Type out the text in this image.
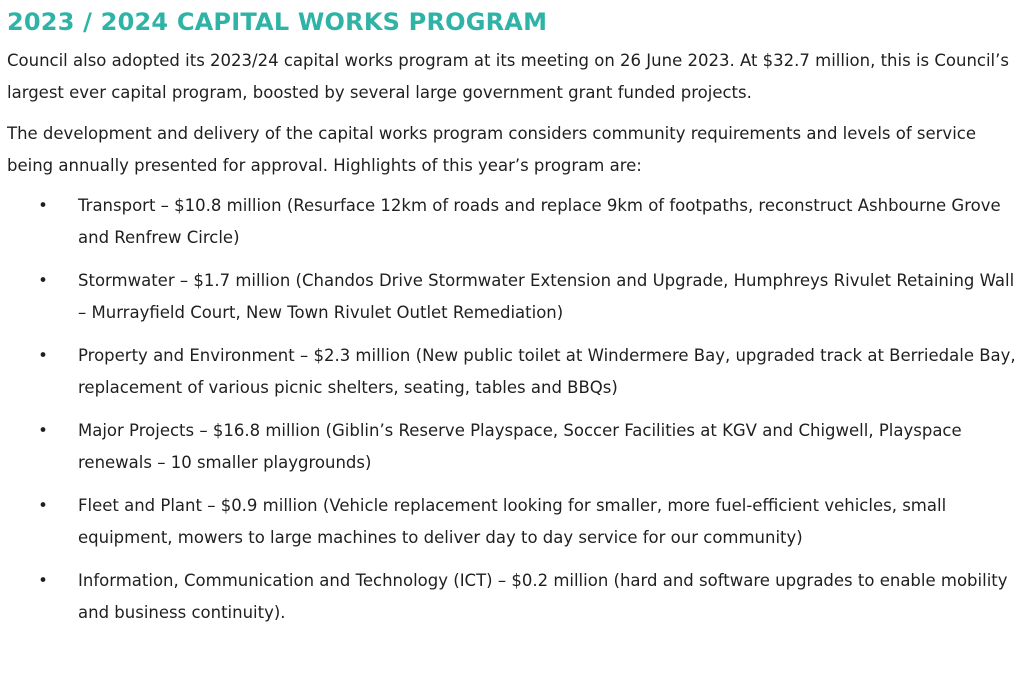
2023 / 2024 CAPITAL WORKS PROGRAM

Council also adopted its 2023/24 capital works program at its meeting on 26 June 2023. At $32.7 million, this is Council’s largest ever capital program, boosted by several large government grant funded projects.

The development and delivery of the capital works program considers community requirements and levels of service being annually presented for approval. Highlights of this year’s program are:

• Transport – $10.8 million (Resurface 12km of roads and replace 9km of footpaths, reconstruct Ashbourne Grove and Renfrew Circle)
• Stormwater – $1.7 million (Chandos Drive Stormwater Extension and Upgrade, Humphreys Rivulet Retaining Wall – Murrayfield Court, New Town Rivulet Outlet Remediation)
• Property and Environment – $2.3 million (New public toilet at Windermere Bay, upgraded track at Berriedale Bay, replacement of various picnic shelters, seating, tables and BBQs)
• Major Projects – $16.8 million (Giblin’s Reserve Playspace, Soccer Facilities at KGV and Chigwell, Playspace renewals – 10 smaller playgrounds)
• Fleet and Plant – $0.9 million (Vehicle replacement looking for smaller, more fuel-efficient vehicles, small equipment, mowers to large machines to deliver day to day service for our community)
• Information, Communication and Technology (ICT) – $0.2 million (hard and software upgrades to enable mobility and business continuity).
